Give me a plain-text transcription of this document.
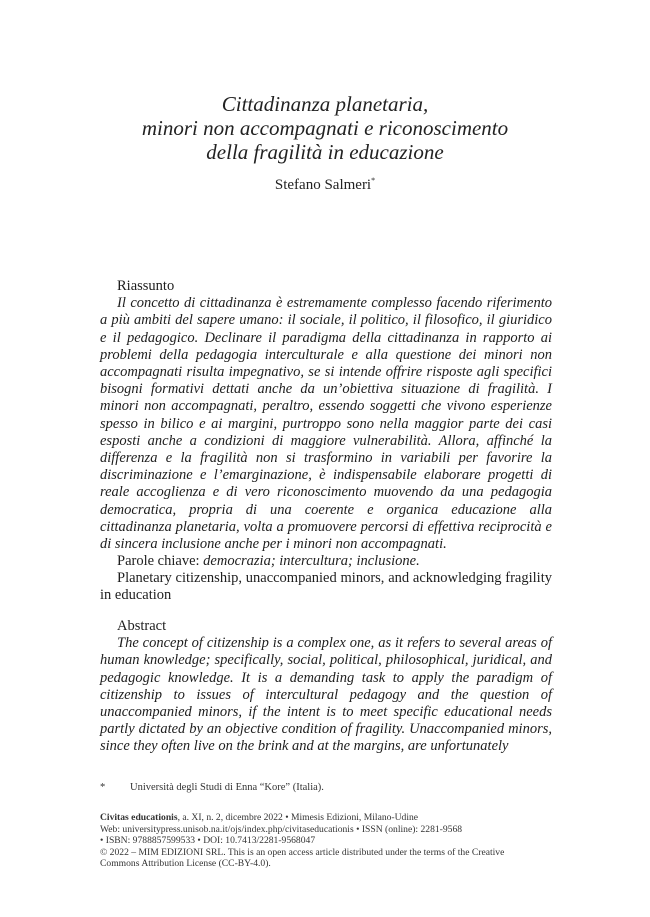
Cittadinanza planetaria,
minori non accompagnati e riconoscimento
della fragilità in educazione
Stefano Salmeri*

Riassunto

Il concetto di cittadinanza è estremamente complesso facendo riferimento a più ambiti del sapere umano: il sociale, il politico, il filosofico, il giuridico e il pedagogico. Declinare il paradigma della cittadinanza in rapporto ai problemi della pedagogia interculturale e alla questione dei minori non accompagnati risulta impegnativo, se si intende offrire risposte agli specifici bisogni formativi dettati anche da un’obiettiva situazione di fragilità. I minori non accompagnati, peraltro, essendo soggetti che vivono esperienze spesso in bilico e ai margini, purtroppo sono nella maggior parte dei casi esposti anche a condizioni di maggiore vulnerabilità. Allora, affinché la differenza e la fragilità non si trasformino in variabili per favorire la discriminazione e l’emarginazione, è indispensabile elaborare progetti di reale accoglienza e di vero riconoscimento muovendo da una pedagogia democratica, propria di una coerente e organica educazione alla cittadinanza planetaria, volta a promuovere percorsi di effettiva reciprocità e di sincera inclusione anche per i minori non accompagnati.

Parole chiave: democrazia; intercultura; inclusione.

Planetary citizenship, unaccompanied minors, and acknowledging fragility in education

Abstract

The concept of citizenship is a complex one, as it refers to several areas of human knowledge; specifically, social, political, philosophical, juridical, and pedagogic knowledge. It is a demanding task to apply the paradigm of citizenship to issues of intercultural pedagogy and the question of unaccompanied minors, if the intent is to meet specific educational needs partly dictated by an objective condition of fragility. Unaccompanied minors, since they often live on the brink and at the margins, are unfortunately

* Università degli Studi di Enna “Kore” (Italia).
Civitas educationis, a. XI, n. 2, dicembre 2022 • Mimesis Edizioni, Milano-Udine
Web: universitypress.unisob.na.it/ojs/index.php/civitaseducationis • ISSN (online): 2281-9568
• ISBN: 9788857599533 • DOI: 10.7413/2281-9568047
© 2022 – MIM EDIZIONI SRL. This is an open access article distributed under the terms of the Creative
Commons Attribution License (CC-BY-4.0).
